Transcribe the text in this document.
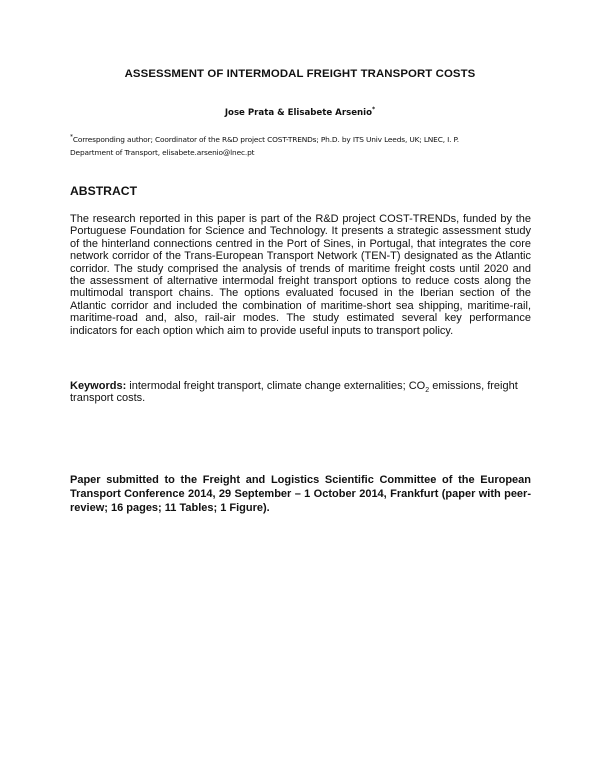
ASSESSMENT OF INTERMODAL FREIGHT TRANSPORT COSTS
Jose Prata & Elisabete Arsenio*
*Corresponding author; Coordinator of the R&D project COST-TRENDs; Ph.D. by ITS Univ Leeds, UK; LNEC, I. P.
Department of Transport, elisabete.arsenio@lnec.pt
ABSTRACT
The research reported in this paper is part of the R&D project COST-TRENDs, funded by the Portuguese Foundation for Science and Technology. It presents a strategic assessment study of the hinterland connections centred in the Port of Sines, in Portugal, that integrates the core network corridor of the Trans-European Transport Network (TEN-T) designated as the Atlantic corridor. The study comprised the analysis of trends of maritime freight costs until 2020 and the assessment of alternative intermodal freight transport options to reduce costs along the multimodal transport chains. The options evaluated focused in the Iberian section of the Atlantic corridor and included the combination of maritime-short sea shipping, maritime-rail, maritime-road and, also, rail-air modes. The study estimated several key performance indicators for each option which aim to provide useful inputs to transport policy.
Keywords: intermodal freight transport, climate change externalities; $CO_2$ emissions, freight transport costs.
Paper submitted to the Freight and Logistics Scientific Committee of the European Transport Conference 2014, 29 September – 1 October 2014, Frankfurt (paper with peer-review; 16 pages; 11 Tables; 1 Figure).
